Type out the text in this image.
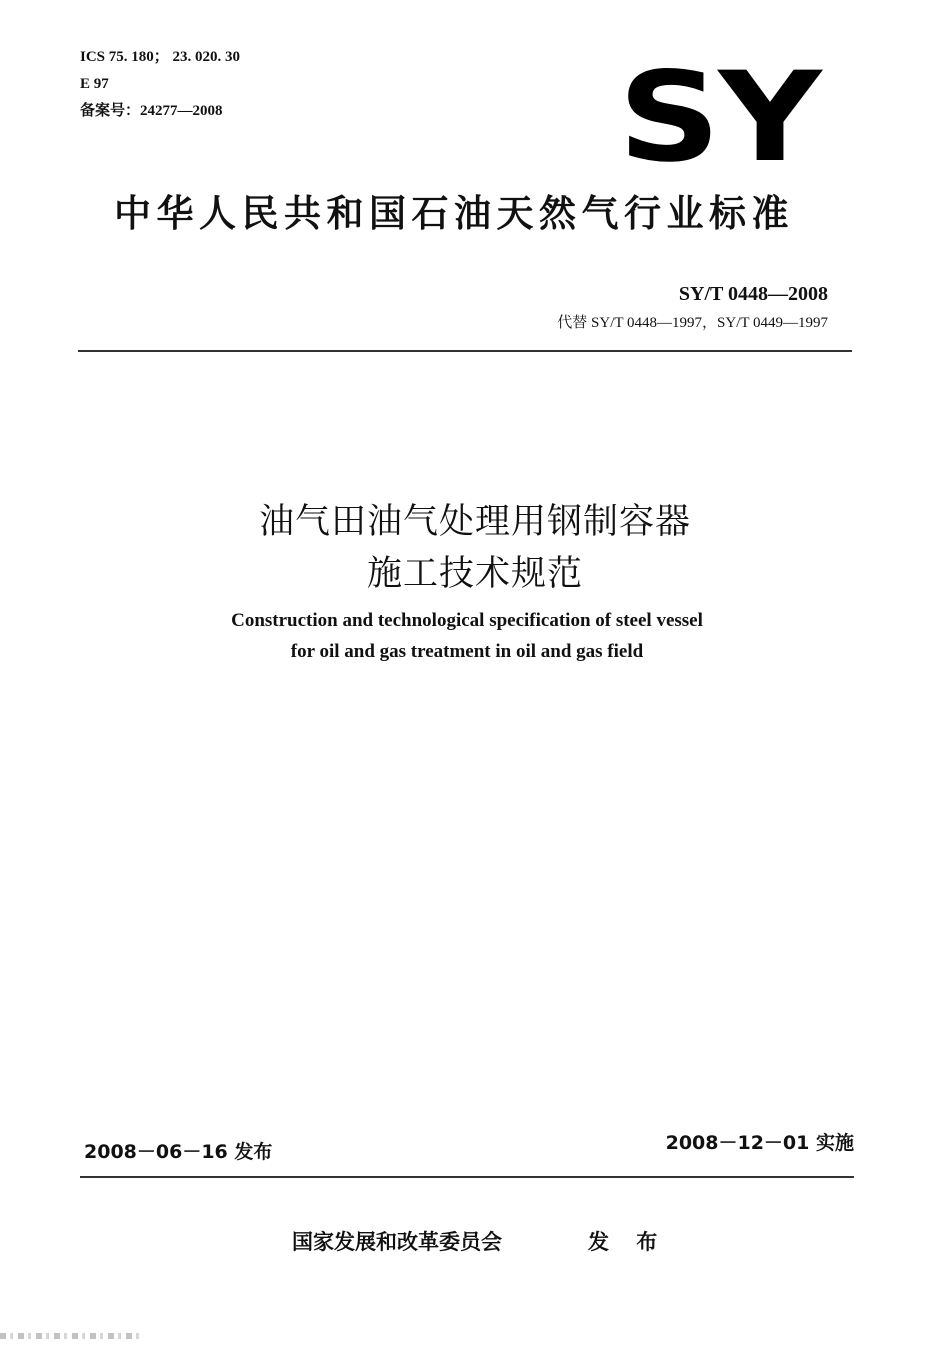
ICS 75. 180； 23. 020. 30
E 97
备案号：24277—2008	SY
中华人民共和国石油天然气行业标准
SY/T 0448—2008
代替 SY/T 0448—1997，SY/T 0449—1997
油气田油气处理用钢制容器
施工技术规范
Construction and technological specification of steel vessel
for oil and gas treatment in oil and gas field
2008－06－16 发布	2008－12－01 实施
国家发展和改革委员会	发 布
